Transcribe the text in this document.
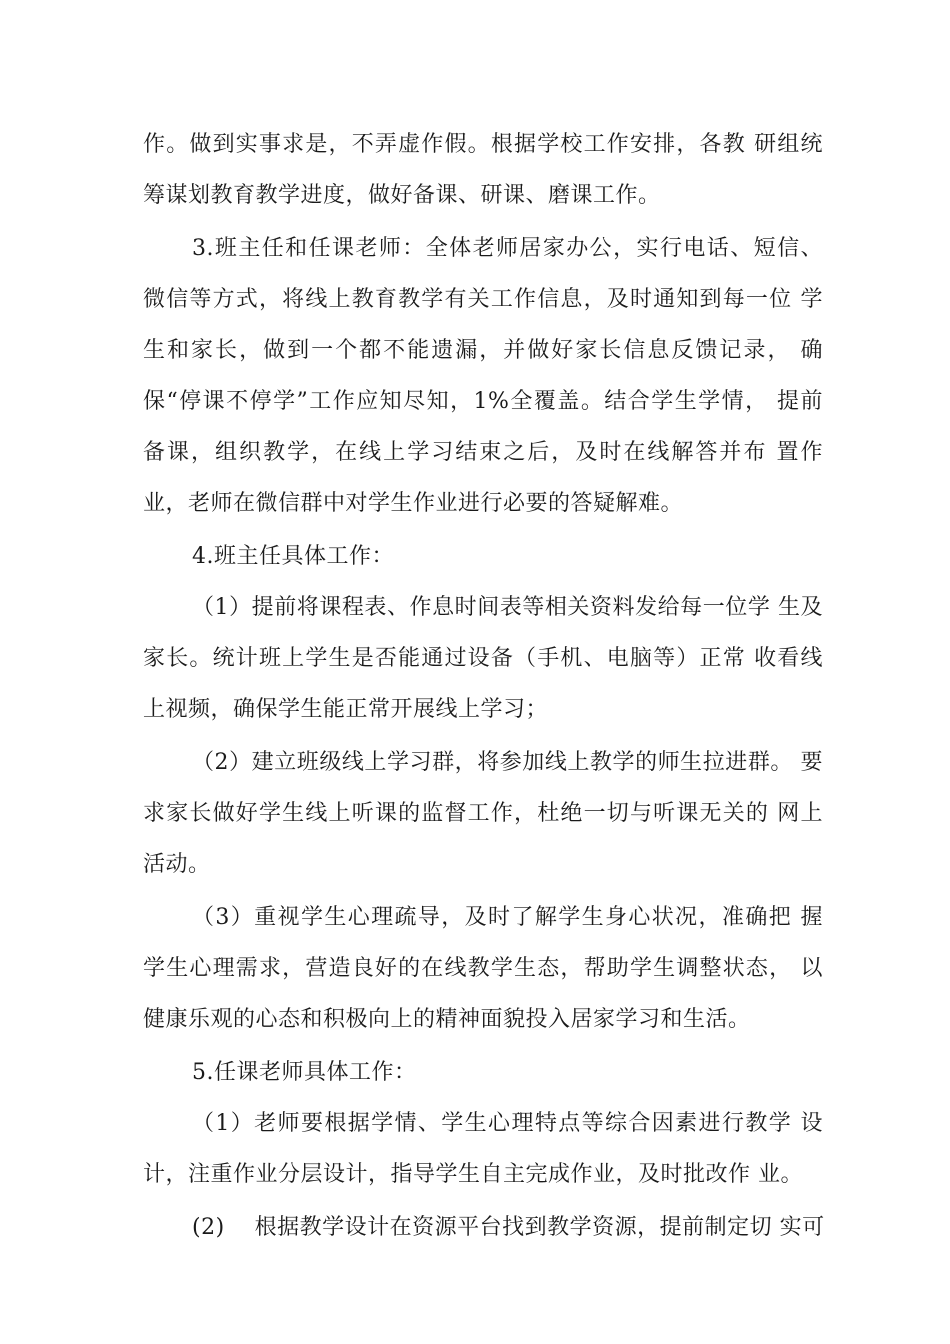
作。做到实事求是，不弄虚作假。根据学校工作安排，各教 研组统
筹谋划教育教学进度，做好备课、研课、磨课工作。
3.班主任和任课老师：全体老师居家办公，实行电话、短信、
微信等方式，将线上教育教学有关工作信息，及时通知到每一位 学
生和家长，做到一个都不能遗漏，并做好家长信息反馈记录， 确
保“停课不停学”工作应知尽知，1%全覆盖。结合学生学情， 提前
备课，组织教学，在线上学习结束之后，及时在线解答并布 置作
业，老师在微信群中对学生作业进行必要的答疑解难。
4.班主任具体工作：
（1）提前将课程表、作息时间表等相关资料发给每一位学 生及
家长。统计班上学生是否能通过设备（手机、电脑等）正常 收看线
上视频，确保学生能正常开展线上学习；
（2）建立班级线上学习群，将参加线上教学的师生拉进群。 要
求家长做好学生线上听课的监督工作，杜绝一切与听课无关的 网上
活动。
（3）重视学生心理疏导，及时了解学生身心状况，准确把 握
学生心理需求，营造良好的在线教学生态，帮助学生调整状态， 以
健康乐观的心态和积极向上的精神面貌投入居家学习和生活。
5.任课老师具体工作：
（1）老师要根据学情、学生心理特点等综合因素进行教学 设
计，注重作业分层设计，指导学生自主完成作业，及时批改作 业。
(2)　 根据教学设计在资源平台找到教学资源，提前制定切 实可
